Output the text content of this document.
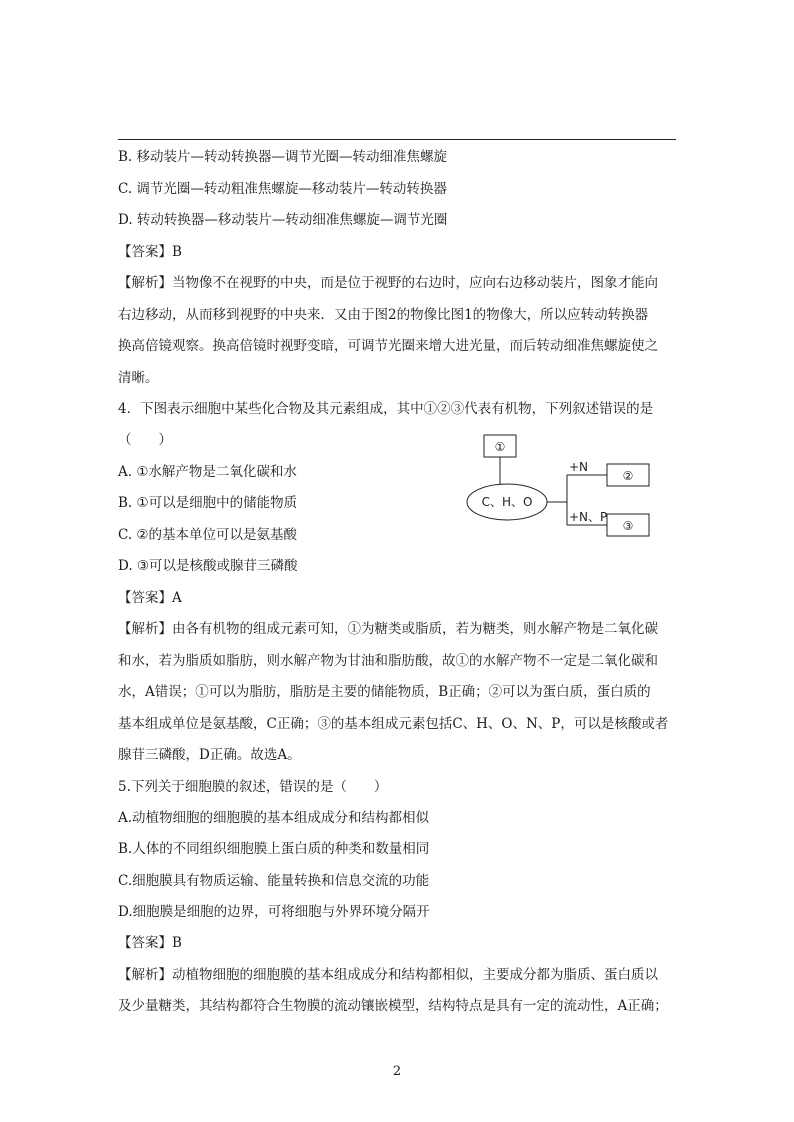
B. 移动装片—转动转换器—调节光圈—转动细准焦螺旋
C. 调节光圈—转动粗准焦螺旋—移动装片—转动转换器
D. 转动转换器—移动装片—转动细准焦螺旋—调节光圈
【答案】B
【解析】当物像不在视野的中央，而是位于视野的右边时，应向右边移动装片，图象才能向
右边移动，从而移到视野的中央来．又由于图2的物像比图1的物像大，所以应转动转换器
换高倍镜观察。换高倍镜时视野变暗，可调节光圈来增大进光量，而后转动细准焦螺旋使之
清晰。
4．下图表示细胞中某些化合物及其元素组成，其中①②③代表有机物，下列叙述错误的是
（　　）
A. ①水解产物是二氧化碳和水
B. ①可以是细胞中的储能物质
C. ②的基本单位可以是氨基酸
D. ③可以是核酸或腺苷三磷酸
【答案】A
【解析】由各有机物的组成元素可知，①为糖类或脂质，若为糖类，则水解产物是二氧化碳
和水，若为脂质如脂肪，则水解产物为甘油和脂肪酸，故①的水解产物不一定是二氧化碳和
水，A错误；①可以为脂肪，脂肪是主要的储能物质，B正确；②可以为蛋白质，蛋白质的
基本组成单位是氨基酸，C正确；③的基本组成元素包括C、H、O、N、P，可以是核酸或者
腺苷三磷酸，D正确。故选A。
5.下列关于细胞膜的叙述，错误的是（　　）
A.动植物细胞的细胞膜的基本组成成分和结构都相似
B.人体的不同组织细胞膜上蛋白质的种类和数量相同
C.细胞膜具有物质运输、能量转换和信息交流的功能
D.细胞膜是细胞的边界，可将细胞与外界环境分隔开
【答案】B
【解析】动植物细胞的细胞膜的基本组成成分和结构都相似，主要成分都为脂质、蛋白质以
及少量糖类，其结构都符合生物膜的流动镶嵌模型，结构特点是具有一定的流动性，A正确；
①
C、H、O
+N
+N、P
②
③
2
